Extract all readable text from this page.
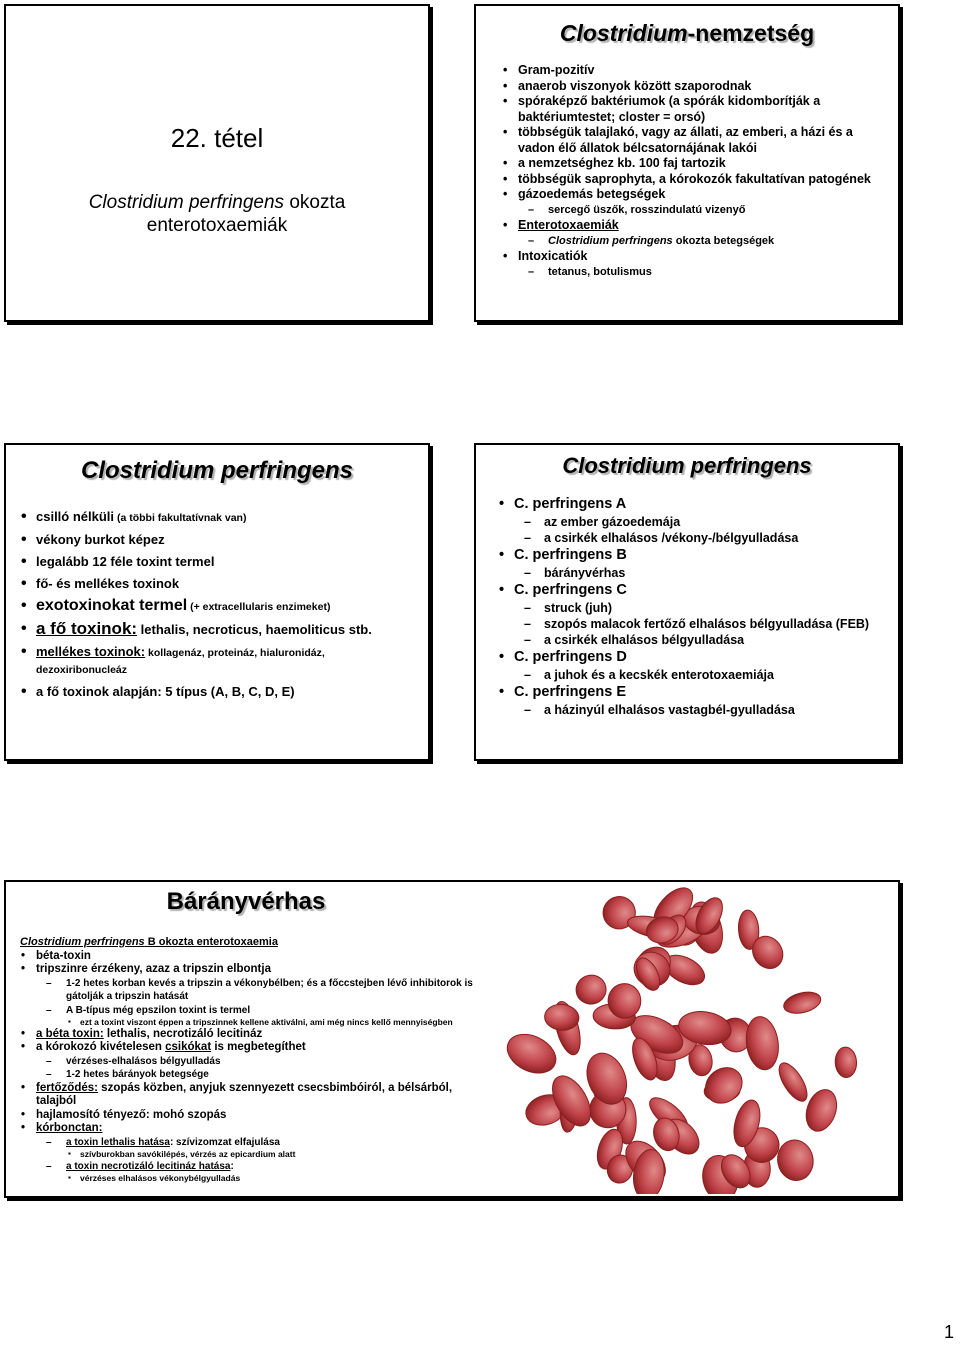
22. tétel
Clostridium perfringens okozta
enterotoxaemiák
Clostridium-nemzetség
• Gram-pozitív
• anaerob viszonyok között szaporodnak
• spóraképző baktériumok (a spórák kidomborítják a baktériumtestet; closter = orsó)
• többségük talajlakó, vagy az állati, az emberi, a házi és a vadon élő állatok bélcsatornájának lakói
• a nemzetséghez kb. 100 faj tartozik
• többségük saprophyta, a kórokozók fakultatívan patogének
• gázoedemás betegségek
– sercegő üszők, rosszindulatú vizenyő
• Enterotoxaemiák
– Clostridium perfringens okozta betegségek
• Intoxicatiók
– tetanus, botulismus
Clostridium perfringens
• csilló nélküli (a többi fakultatívnak van)
• vékony burkot képez
• legalább 12 féle toxint termel
• fő- és mellékes toxinok
• exotoxinokat termel (+ extracellularis enzimeket)
• a fő toxinok: lethalis, necroticus, haemoliticus stb.
• mellékes toxinok: kollagenáz, proteináz, hialuronidáz, dezoxiribonucleáz
• a fő toxinok alapján: 5 típus (A, B, C, D, E)
Clostridium perfringens
• C. perfringens A
– az ember gázoedemája
– a csirkék elhalásos /vékony-/bélgyulladása
• C. perfringens B
– bárányvérhas
• C. perfringens C
– struck (juh)
– szopós malacok fertőző elhalásos bélgyulladása (FEB)
– a csirkék elhalásos bélgyulladása
• C. perfringens D
– a juhok és a kecskék enterotoxaemiája
• C. perfringens E
– a házinyúl elhalásos vastagbél-gyulladása
Bárányvérhas
Clostridium perfringens B okozta enterotoxaemia
• béta-toxin
• tripszinre érzékeny, azaz a tripszin elbontja
– 1-2 hetes korban kevés a tripszin a vékonybélben; és a főccstejben lévő inhibitorok is gátolják a tripszin hatását
– A B-típus még epszilon toxint is termel
▪ ezt a toxint viszont éppen a tripszinnek kellene aktiválni, ami még nincs kellő mennyiségben
• a béta toxin: lethalis, necrotizáló lecitináz
• a kórokozó kivételesen csikókat is megbetegíthet
– vérzéses-elhalásos bélgyulladás
– 1-2 hetes bárányok betegsége
• fertőződés: szopás közben, anyjuk szennyezett csecsbimbóiról, a bélsárból, talajból
• hajlamosító tényező: mohó szopás
• kórbonctan:
– a toxin lethalis hatása: szívizomzat elfajulása
▪ szívburokban savókilépés, vérzés az epicardium alatt
– a toxin necrotizáló lecitináz hatása:
▪ vérzéses elhalásos vékonybélgyulladás
1
